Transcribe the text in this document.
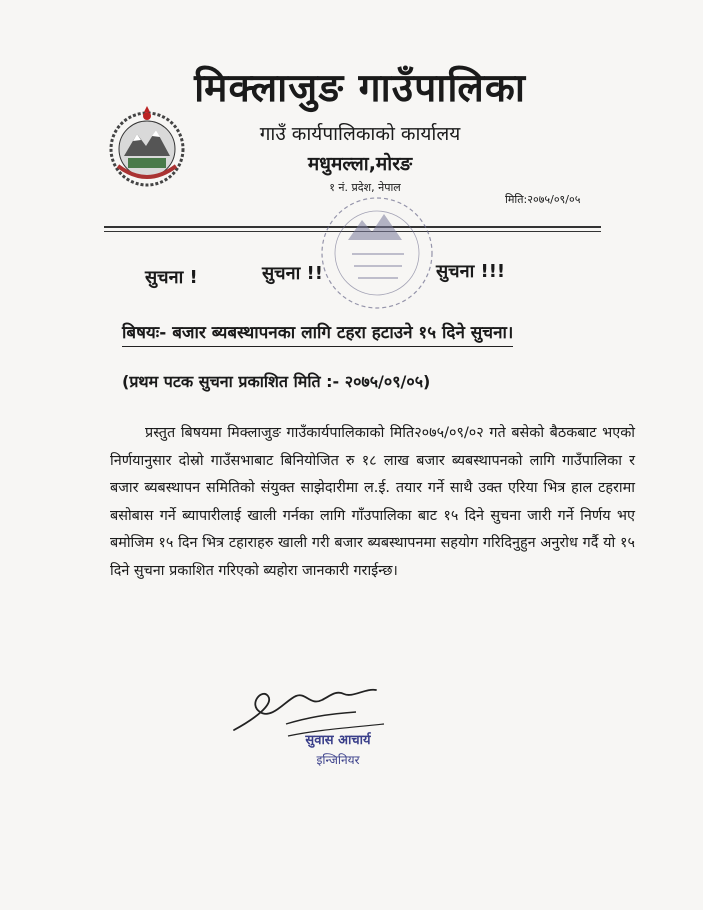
मिक्लाजुङ गाउँपालिका
गाउँ कार्यपालिकाको कार्यालय
मधुमल्ला,मोरङ
१ नं. प्रदेश, नेपाल
मिति:२०७५/०९/०५
सुचना !	सुचना !!	सुचना !!!
बिषयः- बजार ब्यबस्थापनका लागि टहरा हटाउने १५ दिने सुचना।
(प्रथम पटक सुचना प्रकाशित मिति :- २०७५/०९/०५)
प्रस्तुत बिषयमा मिक्लाजुङ गाउँकार्यपालिकाको मिति२०७५/०९/०२ गते बसेको बैठकबाट भएको निर्णयानुसार दोस्रो गाउँसभाबाट बिनियोजित रु १८ लाख बजार ब्यबस्थापनको लागि गाउँपालिका र बजार ब्यबस्थापन समितिको संयुक्त साझेदारीमा ल.ई. तयार गर्ने साथै उक्त एरिया भित्र हाल टहरामा बसोबास गर्ने ब्यापारीलाई खाली गर्नका लागि गाँउपालिका बाट १५ दिने सुचना जारी गर्ने निर्णय भए बमोजिम १५ दिन भित्र टहाराहरु खाली गरी बजार ब्यबस्थापनमा सहयोग गरिदिनुहुन अनुरोध गर्दै यो १५ दिने सुचना प्रकाशित गरिएको ब्यहोरा जानकारी गराईन्छ।
सुवास आचार्य
इन्जिनियर
